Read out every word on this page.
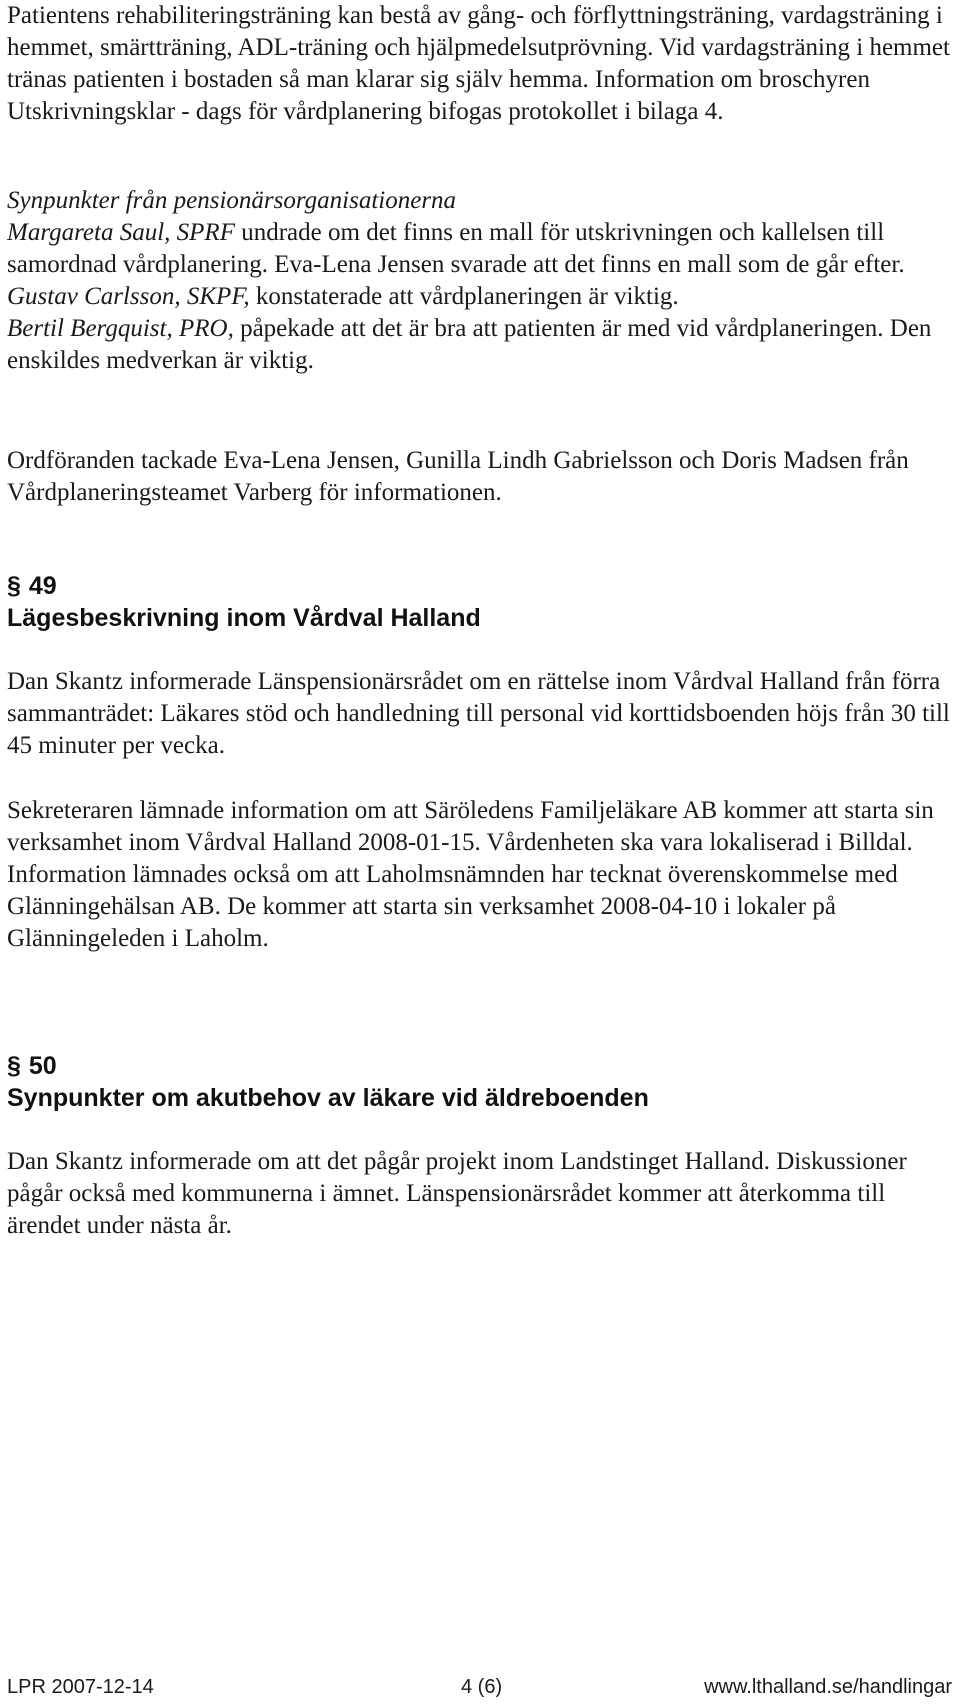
Patientens rehabiliteringsträning kan bestå av gång- och förflyttningsträning, vardagsträning i hemmet, smärtträning, ADL-träning och hjälpmedelsutprövning. Vid vardagsträning i hemmet tränas patienten i bostaden så man klarar sig själv hemma. Information om broschyren Utskrivningsklar - dags för vårdplanering bifogas protokollet i bilaga 4.

Synpunkter från pensionärsorganisationerna
Margareta Saul, SPRF undrade om det finns en mall för utskrivningen och kallelsen till samordnad vårdplanering. Eva-Lena Jensen svarade att det finns en mall som de går efter.
Gustav Carlsson, SKPF, konstaterade att vårdplaneringen är viktig.
Bertil Bergquist, PRO, påpekade att det är bra att patienten är med vid vårdplaneringen. Den enskildes medverkan är viktig.

Ordföranden tackade Eva-Lena Jensen, Gunilla Lindh Gabrielsson och Doris Madsen från Vårdplaneringsteamet Varberg för informationen.

§ 49
Lägesbeskrivning inom Vårdval Halland

Dan Skantz informerade Länspensionärsrådet om en rättelse inom Vårdval Halland från förra sammanträdet: Läkares stöd och handledning till personal vid korttidsboenden höjs från 30 till 45 minuter per vecka.

Sekreteraren lämnade information om att Säröledens Familjeläkare AB kommer att starta sin verksamhet inom Vårdval Halland 2008-01-15. Vårdenheten ska vara lokaliserad i Billdal. Information lämnades också om att Laholmsnämnden har tecknat överenskommelse med Glänningehälsan AB. De kommer att starta sin verksamhet 2008-04-10 i lokaler på Glänningeleden i Laholm.

§ 50
Synpunkter om akutbehov av läkare vid äldreboenden

Dan Skantz informerade om att det pågår projekt inom Landstinget Halland. Diskussioner pågår också med kommunerna i ämnet. Länspensionärsrådet kommer att återkomma till ärendet under nästa år.

LPR 2007-12-14	4 (6)	www.lthalland.se/handlingar
